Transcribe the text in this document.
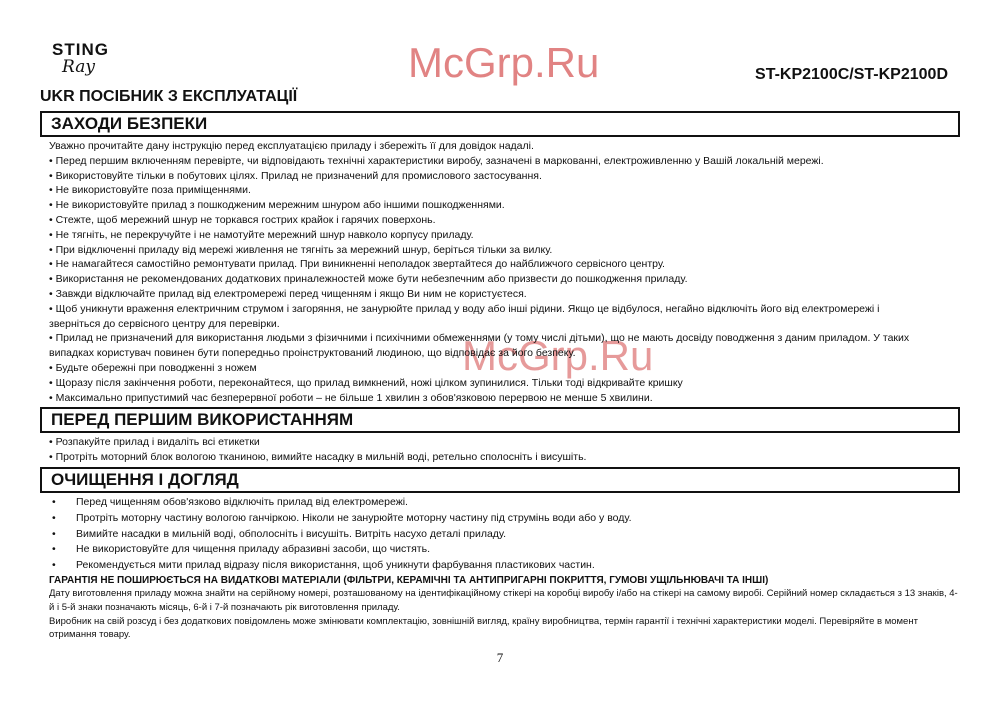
STING
Ray	McGrp.Ru
McGrp.Ru
ST-KP2100C/ST-KP2100D
UKR ПОСІБНИК З ЕКСПЛУАТАЦІЇ
ЗАХОДИ БЕЗПЕКИ
Уважно прочитайте дану інструкцію перед експлуатацією приладу і збережіть її для довідок надалі.
• Перед першим включенням перевірте, чи відповідають технічні характеристики виробу, зазначені в маркованні, електроживленню у Вашій локальній мережі.
• Використовуйте тільки в побутових цілях. Прилад не призначений для промислового застосування.
• Не використовуйте поза приміщеннями.
• Не використовуйте прилад з пошкодженим мережним шнуром або іншими пошкодженнями.
• Стежте, щоб мережний шнур не торкався гострих крайок і гарячих поверхонь.
• Не тягніть, не перекручуйте і не намотуйте мережний шнур навколо корпусу приладу.
• При відключенні приладу від мережі живлення не тягніть за мережний шнур, беріться тільки за вилку.
• Не намагайтеся самостійно ремонтувати прилад. При виникненні неполадок звертайтеся до найближчого сервісного центру.
• Використання не рекомендованих додаткових приналежностей може бути небезпечним або призвести до пошкодження приладу.
• Завжди відключайте прилад від електромережі перед чищенням і якщо Ви ним не користуєтеся.
• Щоб уникнути враження електричним струмом і загоряння, не занурюйте прилад у воду або інші рідини. Якщо це відбулося, негайно відключіть його від електромережі і
зверніться до сервісного центру для перевірки.
• Прилад не призначений для використання людьми з фізичними і психічними обмеженнями (у тому числі дітьми), що не мають досвіду поводження з даним приладом. У таких
випадках користувач повинен бути попередньо проінструктований людиною, що відповідає за його безпеку.
• Будьте обережні при поводженні з ножем
• Щоразу після закінчення роботи, переконайтеся, що прилад вимкнений, ножі цілком зупинилися. Тільки тоді відкривайте кришку
• Максимально припустимий час безперервної роботи – не більше 1 хвилин з обов'язковою перервою не менше 5 хвилини.
ПЕРЕД ПЕРШИМ ВИКОРИСТАННЯМ
• Розпакуйте прилад і видаліть всі етикетки
• Протріть моторний блок вологою тканиною, вимийте насадку в мильній воді, ретельно сполосніть і висушіть.
ОЧИЩЕННЯ І ДОГЛЯД
• Перед чищенням обов'язково відключіть прилад від електромережі.
• Протріть моторну частину вологою ганчіркою. Ніколи не занурюйте моторну частину під струмінь води або у воду.
• Вимийте насадки в мильній воді, обполосніть і висушіть. Витріть насухо деталі приладу.
• Не використовуйте для чищення приладу абразивні засоби, що чистять.
• Рекомендується мити прилад відразу після використання, щоб уникнути фарбування пластикових частин.
ГАРАНТІЯ НЕ ПОШИРЮЄТЬСЯ НА ВИДАТКОВІ МАТЕРІАЛИ (ФІЛЬТРИ, КЕРАМІЧНІ ТА АНТИПРИГАРНІ ПОКРИТТЯ, ГУМОВІ УЩІЛЬНЮВАЧІ ТА ІНШІ)
Дату виготовлення приладу можна знайти на серійному номері, розташованому на ідентифікаційному стікері на коробці виробу і/або на стікері на самому виробі. Серійний номер складається з 13 знаків, 4-й і 5-й знаки позначають місяць, 6-й і 7-й позначають рік виготовлення приладу.
Виробник на свій розсуд і без додаткових повідомлень може змінювати комплектацію, зовнішній вигляд, країну виробництва, термін гарантії і технічні характеристики моделі. Перевіряйте в момент отримання товару.
7
